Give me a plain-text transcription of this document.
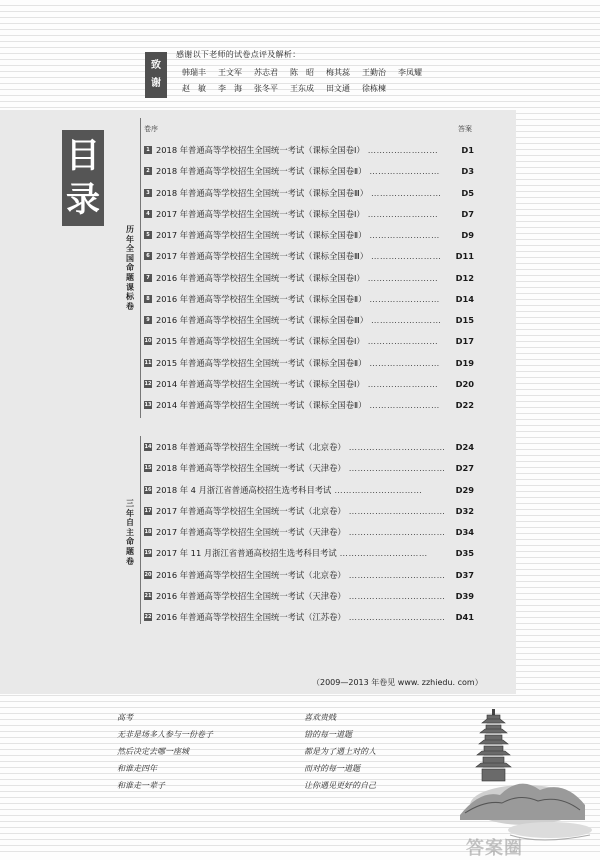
致
谢
感谢以下老师的试卷点评及解析：
韩瑞丰 王文军 苏志君 陈　昭 梅其蕊 王勤治 李凤耀
赵　敏 李　海 张冬平 王东成 田文通 徐栋楝
目
录
历
年
全
国
命
题
课
标
卷
三
年
自
主
命
题
卷
卷序	答案
1 2018 年普通高等学校招生全国统一考试（课标全国卷Ⅰ） ……………………	D1
2 2018 年普通高等学校招生全国统一考试（课标全国卷Ⅱ） ……………………	D3
3 2018 年普通高等学校招生全国统一考试（课标全国卷Ⅲ） ……………………	D5
4 2017 年普通高等学校招生全国统一考试（课标全国卷Ⅰ） ……………………	D7
5 2017 年普通高等学校招生全国统一考试（课标全国卷Ⅱ） ……………………	D9
6 2017 年普通高等学校招生全国统一考试（课标全国卷Ⅲ） ……………………	D11
7 2016 年普通高等学校招生全国统一考试（课标全国卷Ⅰ） ……………………	D12
8 2016 年普通高等学校招生全国统一考试（课标全国卷Ⅱ） ……………………	D14
9 2016 年普通高等学校招生全国统一考试（课标全国卷Ⅲ） ……………………	D15
10 2015 年普通高等学校招生全国统一考试（课标全国卷Ⅰ） ……………………	D17
11 2015 年普通高等学校招生全国统一考试（课标全国卷Ⅱ） ……………………	D19
12 2014 年普通高等学校招生全国统一考试（课标全国卷Ⅰ） ……………………	D20
13 2014 年普通高等学校招生全国统一考试（课标全国卷Ⅱ） ……………………	D22
14 2018 年普通高等学校招生全国统一考试（北京卷） ……………………………	D24
15 2018 年普通高等学校招生全国统一考试（天津卷） ……………………………	D27
16 2018 年 4 月浙江省普通高校招生选考科目考试 …………………………	D29
17 2017 年普通高等学校招生全国统一考试（北京卷） ……………………………	D32
18 2017 年普通高等学校招生全国统一考试（天津卷） ……………………………	D34
19 2017 年 11 月浙江省普通高校招生选考科目考试 …………………………	D35
20 2016 年普通高等学校招生全国统一考试（北京卷） ……………………………	D37
21 2016 年普通高等学校招生全国统一考试（天津卷） ……………………………	D39
22 2016 年普通高等学校招生全国统一考试（江苏卷） ……………………………	D41
（2009—2013 年卷见 www. zzhiedu. com）
高考
无非是场多人参与一份卷子
然后决定去哪一座城
和谁走四年
和谁走一辈子
喜欢贵贱
错的每一道题
都是为了遇上对的人
而对的每一道题
让你遇见更好的自己
答案圈
